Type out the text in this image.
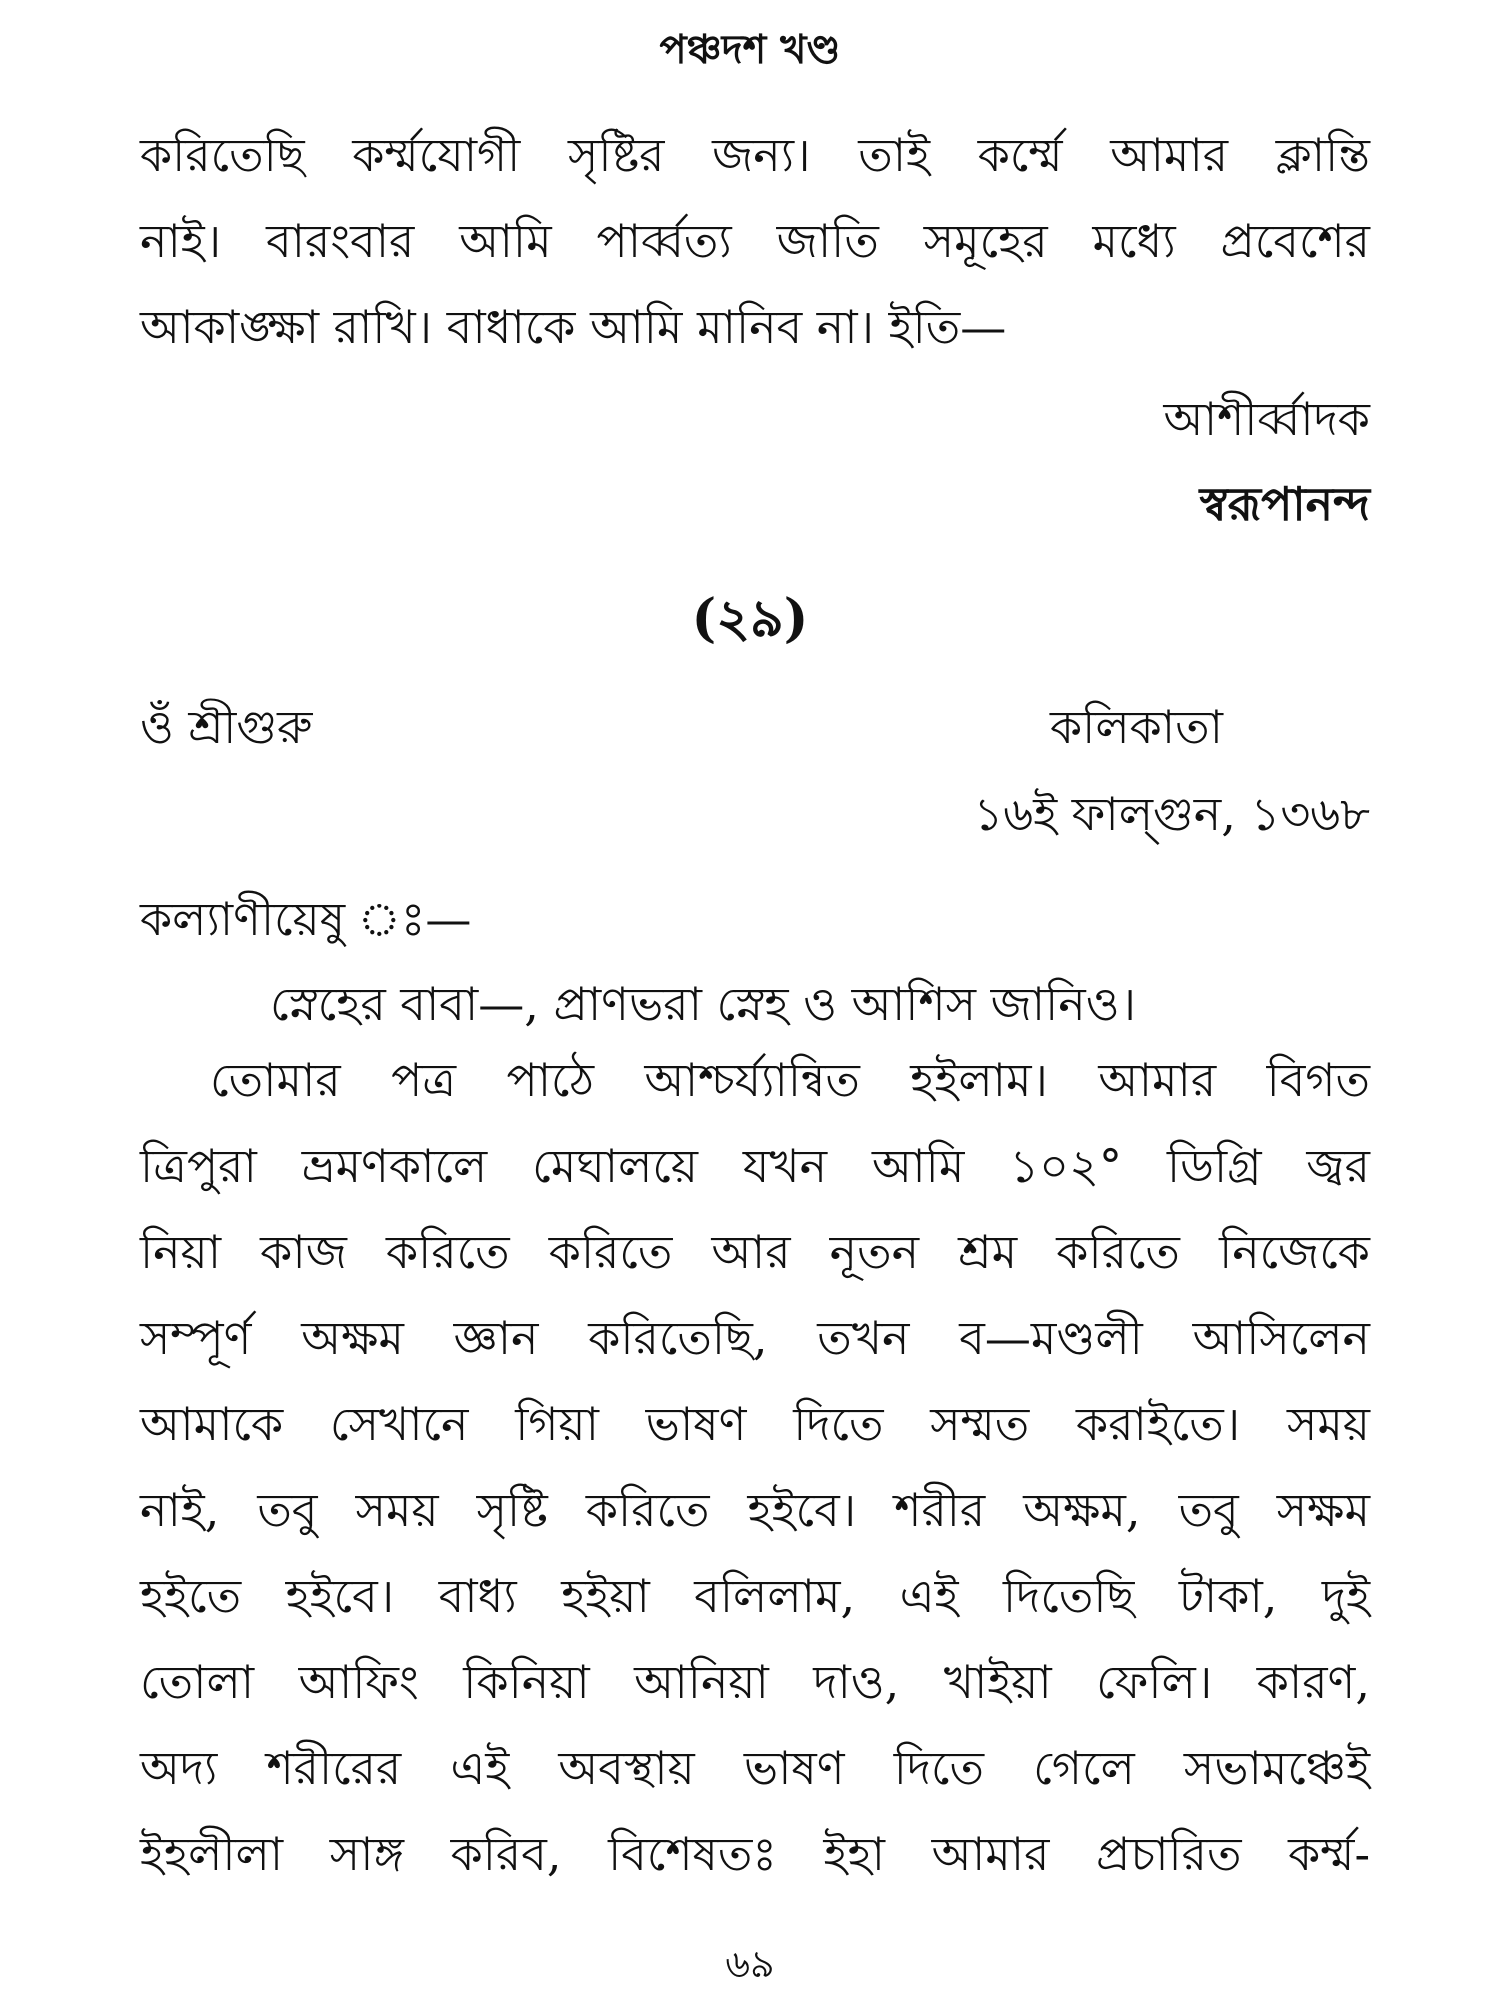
পঞ্চদশ খণ্ড
করিতেছি কর্ম্মযোগী সৃষ্টির জন্য। তাই কর্ম্মে আমার ক্লান্তি
নাই। বারংবার আমি পার্ব্বত্য জাতি সমূহের মধ্যে প্রবেশের
আকাঙ্ক্ষা রাখি। বাধাকে আমি মানিব না। ইতি—
আশীর্ব্বাদক
স্বরূপানন্দ
(২৯)
ওঁ শ্রীগুরু	কলিকাতা
১৬ই ফাল্গুন, ১৩৬৮
কল্যাণীয়েষু ঃ—
স্নেহের বাবা—, প্রাণভরা স্নেহ ও আশিস জানিও।
তোমার পত্র পাঠে আশ্চর্য্যান্বিত হইলাম। আমার বিগত
ত্রিপুরা ভ্রমণকালে মেঘালয়ে যখন আমি ১০২° ডিগ্রি জ্বর
নিয়া কাজ করিতে করিতে আর নূতন শ্রম করিতে নিজেকে
সম্পূর্ণ অক্ষম জ্ঞান করিতেছি, তখন ব—মণ্ডলী আসিলেন
আমাকে সেখানে গিয়া ভাষণ দিতে সম্মত করাইতে। সময়
নাই, তবু সময় সৃষ্টি করিতে হইবে। শরীর অক্ষম, তবু সক্ষম
হইতে হইবে। বাধ্য হইয়া বলিলাম, এই দিতেছি টাকা, দুই
তোলা আফিং কিনিয়া আনিয়া দাও, খাইয়া ফেলি। কারণ,
অদ্য শরীরের এই অবস্থায় ভাষণ দিতে গেলে সভামঞ্চেই
ইহলীলা সাঙ্গ করিব, বিশেষতঃ ইহা আমার প্রচারিত কর্ম্ম-
৬৯
